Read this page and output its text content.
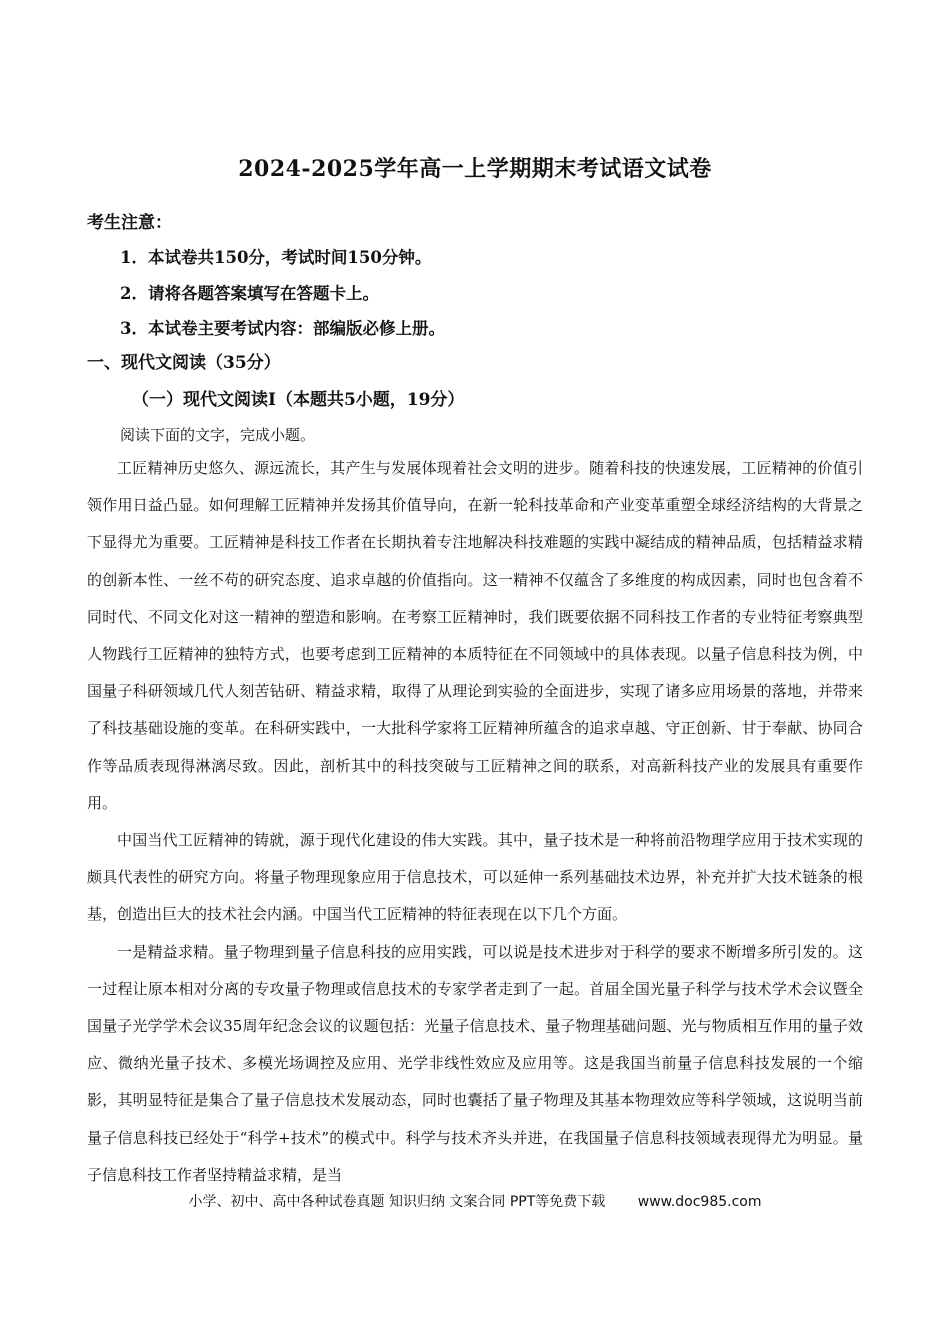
2024-2025学年高一上学期期末考试语文试卷
考生注意：
1．本试卷共150分，考试时间150分钟。
2．请将各题答案填写在答题卡上。
3．本试卷主要考试内容：部编版必修上册。
一、现代文阅读（35分）
（一）现代文阅读Ⅰ（本题共5小题，19分）
阅读下面的文字，完成小题。

工匠精神历史悠久、源远流长，其产生与发展体现着社会文明的进步。随着科技的快速发展，工匠精神的价值引领作用日益凸显。如何理解工匠精神并发扬其价值导向，在新一轮科技革命和产业变革重塑全球经济结构的大背景之下显得尤为重要。工匠精神是科技工作者在长期执着专注地解决科技难题的实践中凝结成的精神品质，包括精益求精的创新本性、一丝不苟的研究态度、追求卓越的价值指向。这一精神不仅蕴含了多维度的构成因素，同时也包含着不同时代、不同文化对这一精神的塑造和影响。在考察工匠精神时，我们既要依据不同科技工作者的专业特征考察典型人物践行工匠精神的独特方式，也要考虑到工匠精神的本质特征在不同领域中的具体表现。以量子信息科技为例，中国量子科研领域几代人刻苦钻研、精益求精，取得了从理论到实验的全面进步，实现了诸多应用场景的落地，并带来了科技基础设施的变革。在科研实践中，一大批科学家将工匠精神所蕴含的追求卓越、守正创新、甘于奉献、协同合作等品质表现得淋漓尽致。因此，剖析其中的科技突破与工匠精神之间的联系，对高新科技产业的发展具有重要作用。

中国当代工匠精神的铸就，源于现代化建设的伟大实践。其中，量子技术是一种将前沿物理学应用于技术实现的颇具代表性的研究方向。将量子物理现象应用于信息技术，可以延伸一系列基础技术边界，补充并扩大技术链条的根基，创造出巨大的技术社会内涵。中国当代工匠精神的特征表现在以下几个方面。

一是精益求精。量子物理到量子信息科技的应用实践，可以说是技术进步对于科学的要求不断增多所引发的。这一过程让原本相对分离的专攻量子物理或信息技术的专家学者走到了一起。首届全国光量子科学与技术学术会议暨全国量子光学学术会议35周年纪念会议的议题包括：光量子信息技术、量子物理基础问题、光与物质相互作用的量子效应、微纳光量子技术、多模光场调控及应用、光学非线性效应及应用等。这是我国当前量子信息科技发展的一个缩影，其明显特征是集合了量子信息技术发展动态，同时也囊括了量子物理及其基本物理效应等科学领域，这说明当前量子信息科技已经处于“科学+技术”的模式中。科学与技术齐头并进，在我国量子信息科技领域表现得尤为明显。量子信息科技工作者坚持精益求精，是当

小学、初中、高中各种试卷真题 知识归纳 文案合同 PPT等免费下载 www.doc985.com
